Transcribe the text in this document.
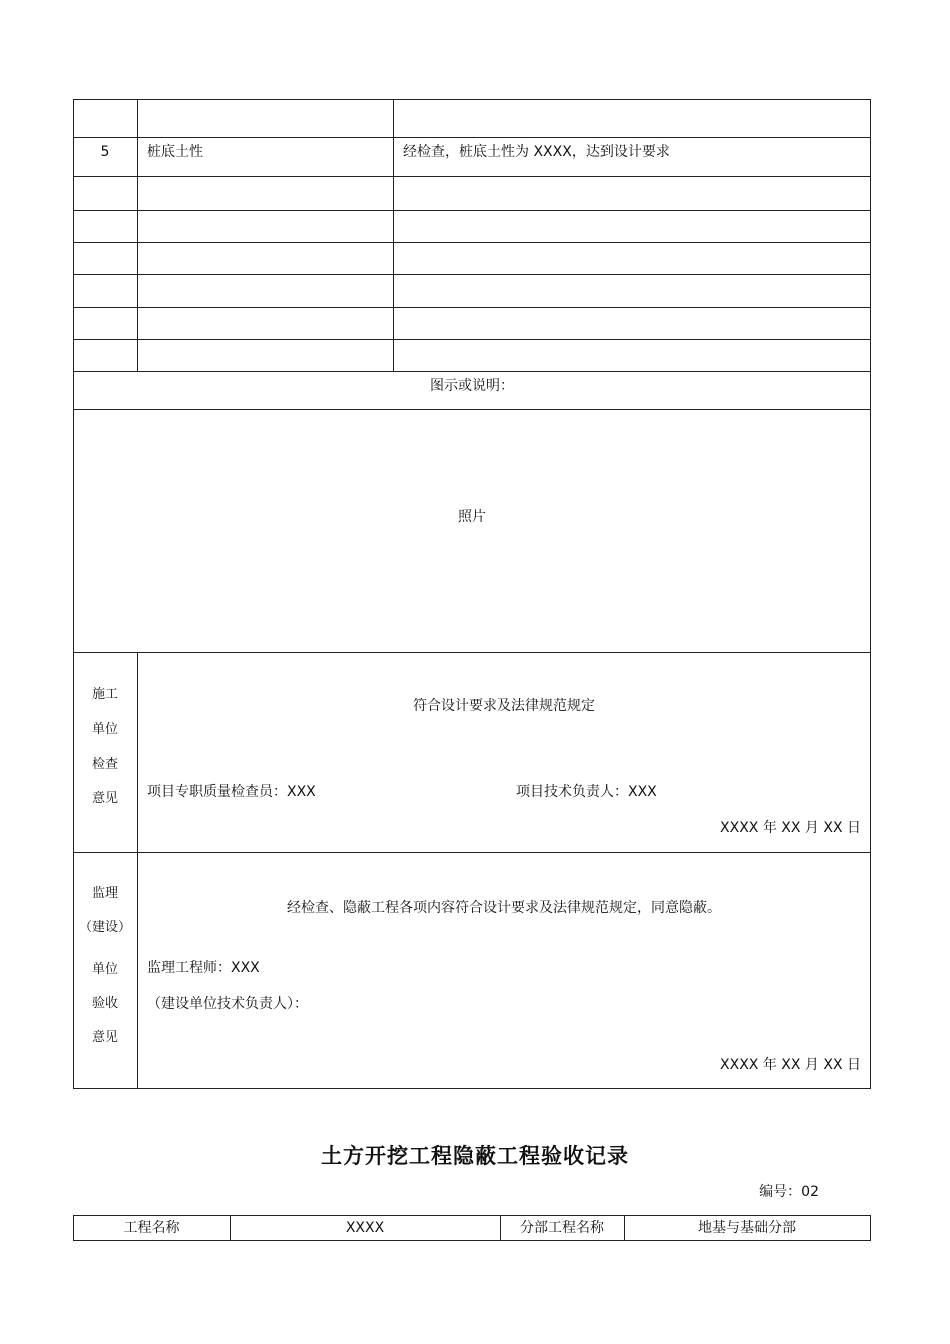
5	桩底土性	经检查，桩底土性为 XXXX，达到设计要求
图示或说明：
照片
施工
单位
检查
意见
符合设计要求及法律规范规定
项目专职质量检查员：XXX	项目技术负责人：XXX
XXXX 年 XX 月 XX 日
监理
（建设）
单位
验收
意见
经检查、隐蔽工程各项内容符合设计要求及法律规范规定，同意隐蔽。
监理工程师：XXX
（建设单位技术负责人）：
XXXX 年 XX 月 XX 日
土方开挖工程隐蔽工程验收记录
编号：02
工程名称	XXXX	分部工程名称	地基与基础分部
